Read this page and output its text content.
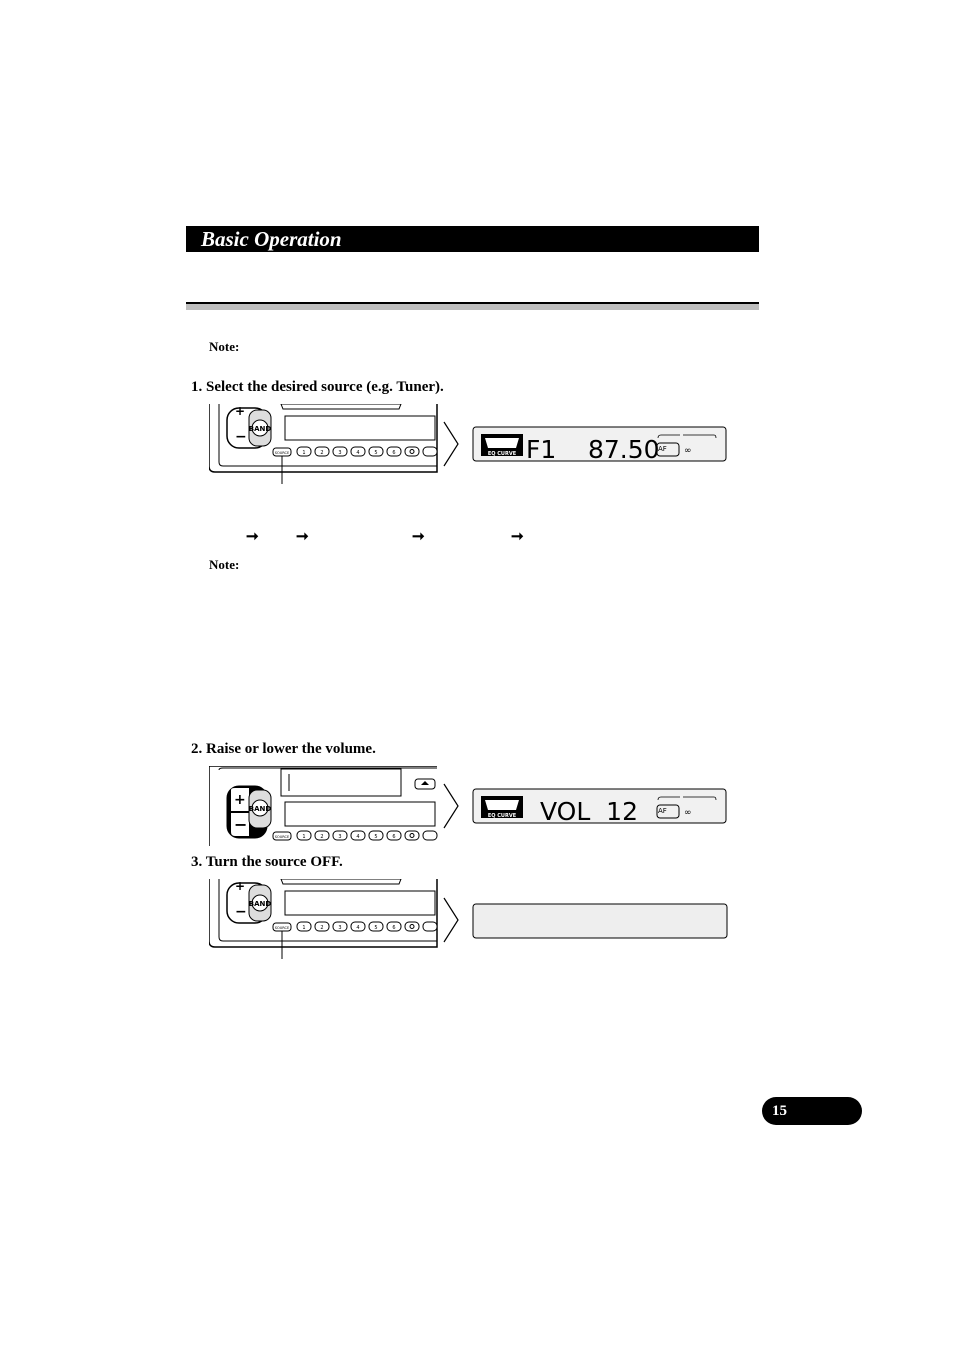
Basic Operation
Note:
1. Select the desired source (e.g. Tuner).
BAND
+
−
SOURCE	1	2	3	4	5	6	EQ CURVE F1 87.50
AF ∞
➞ ➞	➞	➞
Note:
2. Raise or lower the volume.
BAND
+
−
SOURCE	1	2	3	4	5	6
EQ CURVE VOL  12	AF ∞
3. Turn the source OFF.
BAND
+
−
SOURCE	1	2	3	4	5	6
15
